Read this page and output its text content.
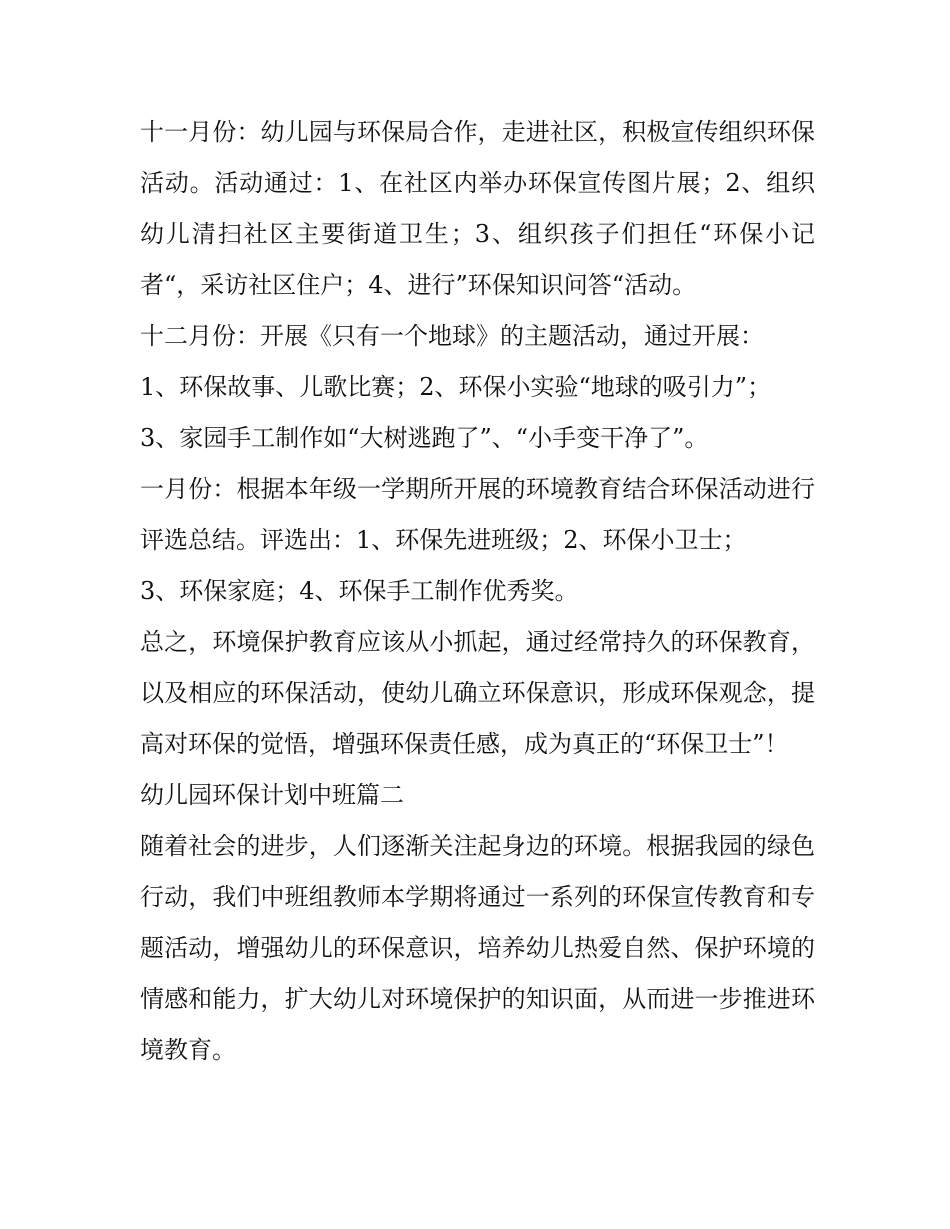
十一月份：幼儿园与环保局合作，走进社区，积极宣传组织环保活动。活动通过：1、在社区内举办环保宣传图片展；2、组织幼儿清扫社区主要街道卫生；3、组织孩子们担任“环保小记者“，采访社区住户；4、进行”环保知识问答“活动。

十二月份：开展《只有一个地球》的主题活动，通过开展：

1、环保故事、儿歌比赛；2、环保小实验“地球的吸引力”；

3、家园手工制作如“大树逃跑了”、“小手变干净了”。

一月份：根据本年级一学期所开展的环境教育结合环保活动进行评选总结。评选出：1、环保先进班级；2、环保小卫士；

3、环保家庭；4、环保手工制作优秀奖。

总之，环境保护教育应该从小抓起，通过经常持久的环保教育，以及相应的环保活动，使幼儿确立环保意识，形成环保观念，提高对环保的觉悟，增强环保责任感，成为真正的“环保卫士”！

幼儿园环保计划中班篇二

随着社会的进步，人们逐渐关注起身边的环境。根据我园的绿色行动，我们中班组教师本学期将通过一系列的环保宣传教育和专题活动，增强幼儿的环保意识，培养幼儿热爱自然、保护环境的情感和能力，扩大幼儿对环境保护的知识面，从而进一步推进环境教育。
